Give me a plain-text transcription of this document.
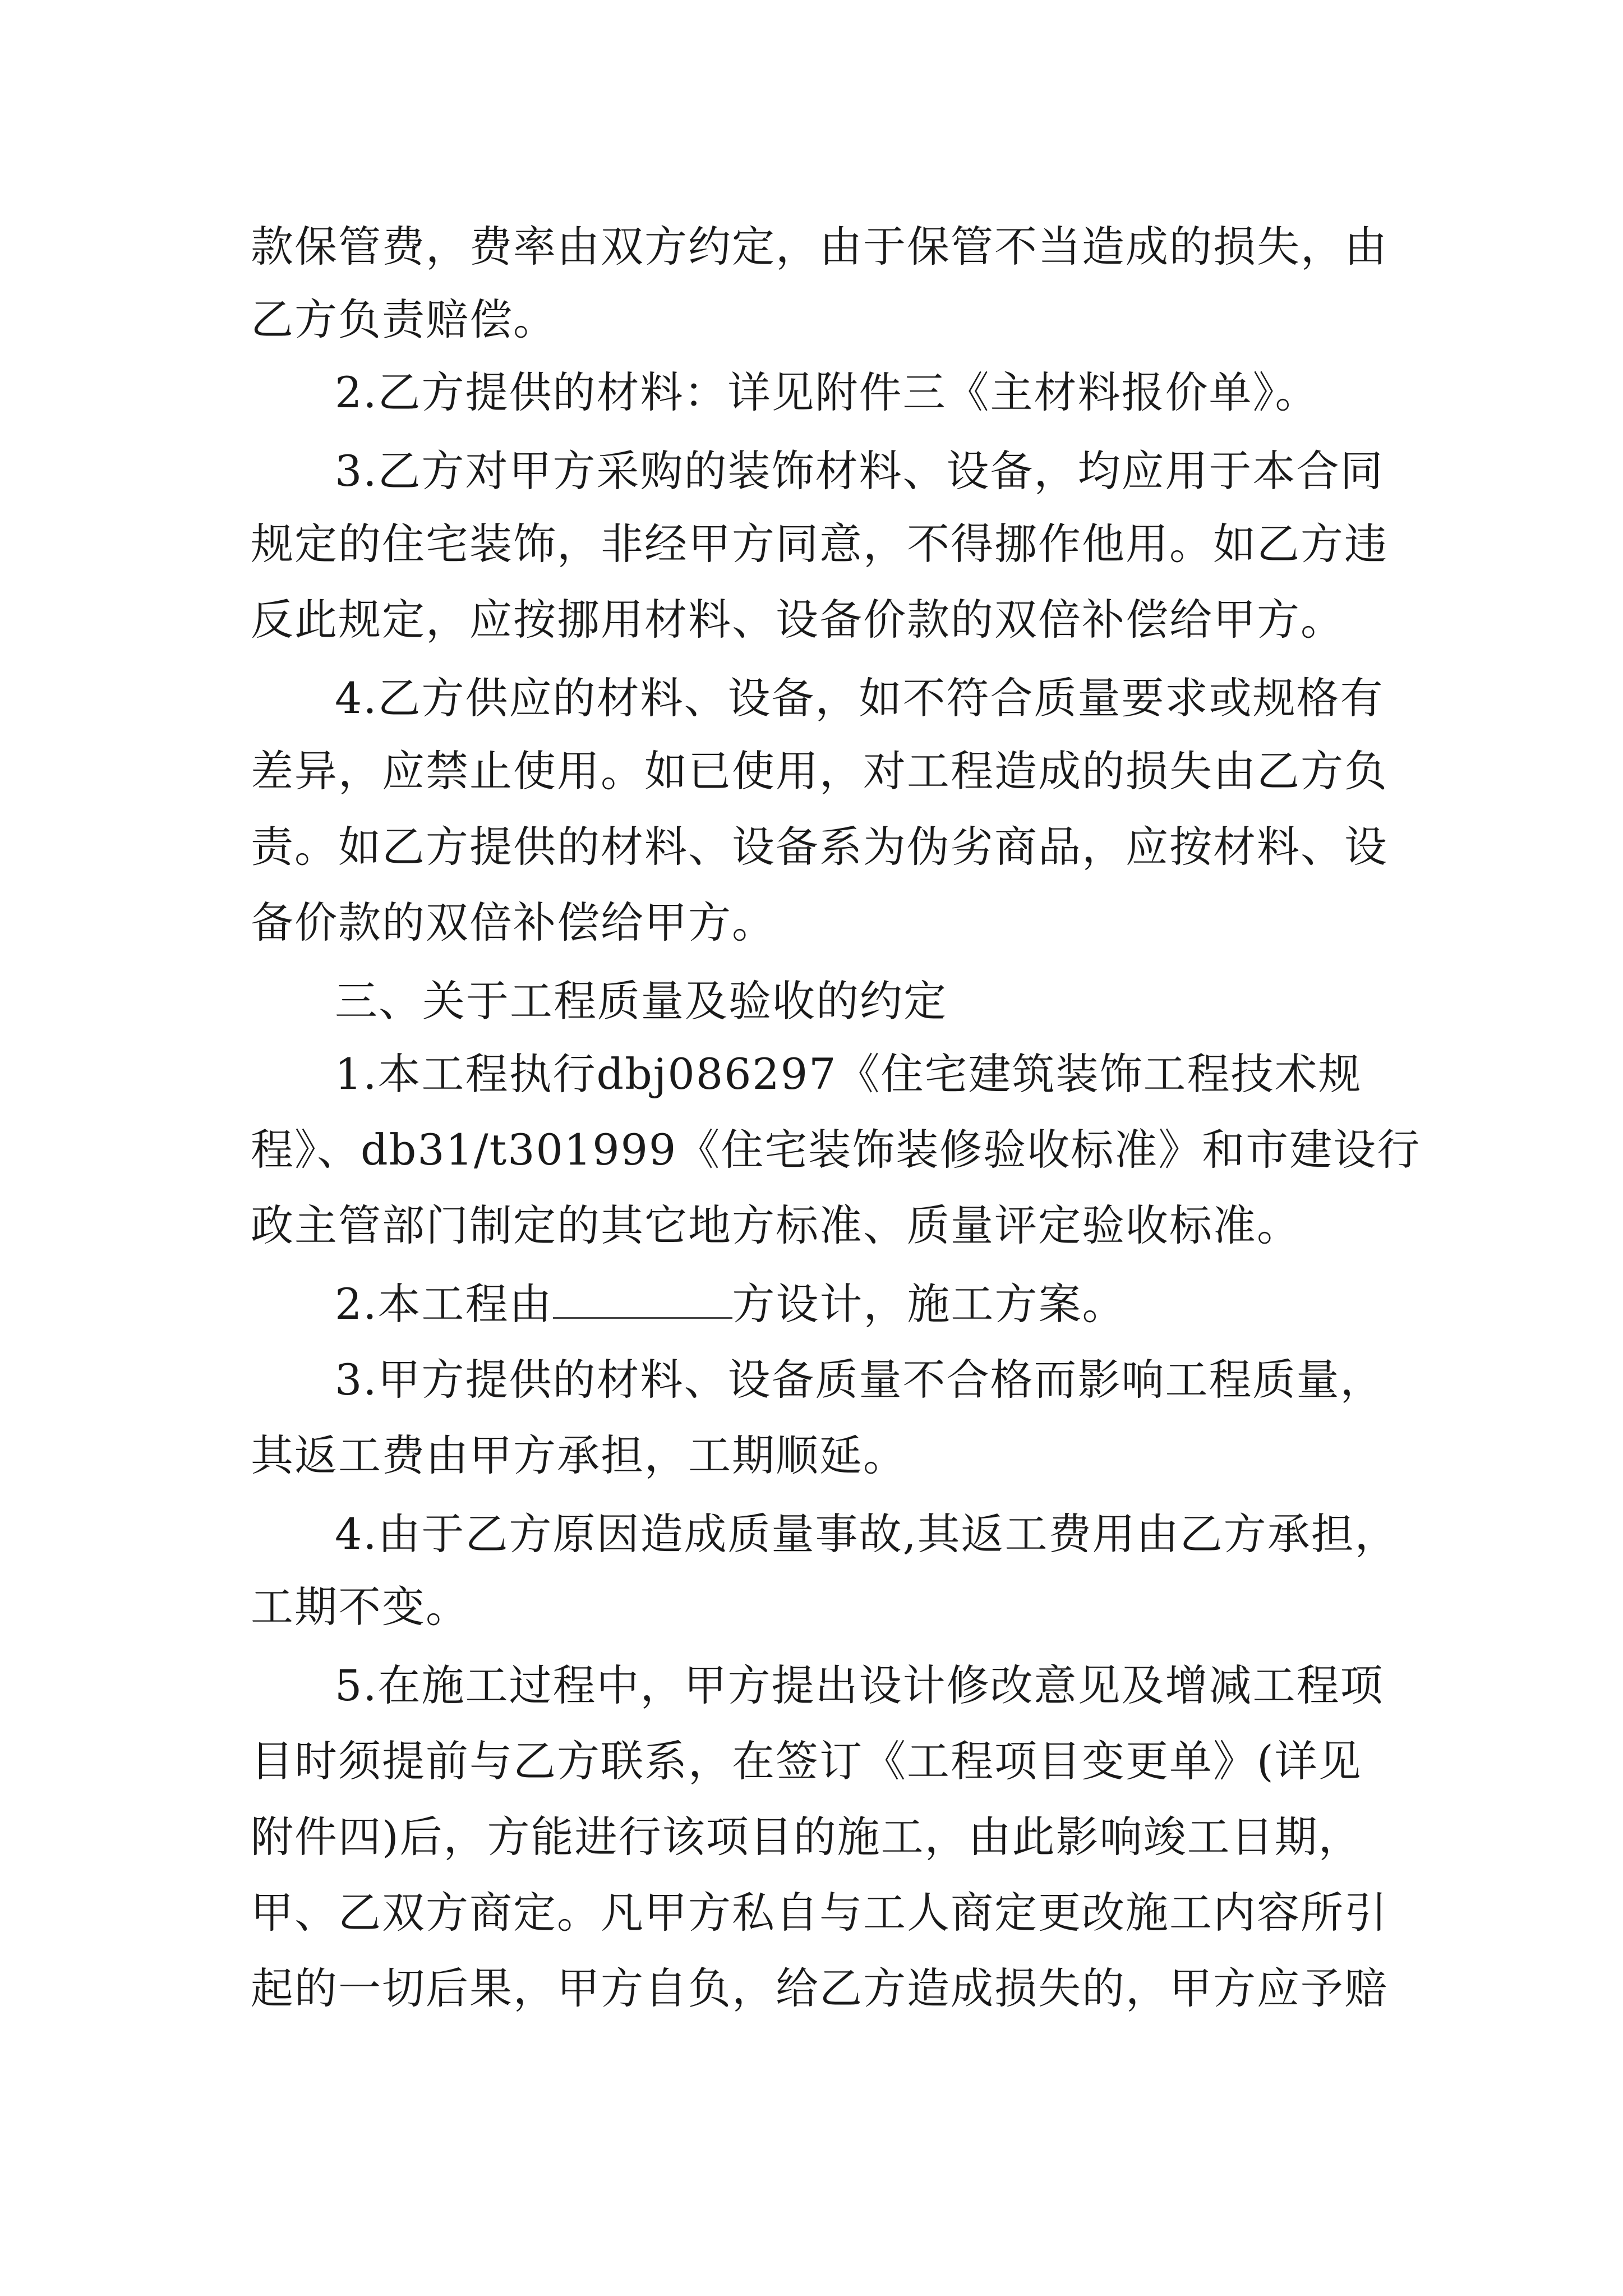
款保管费，费率由双方约定，由于保管不当造成的损失，由
乙方负责赔偿。
2.乙方提供的材料：详见附件三《主材料报价单》。
3.乙方对甲方采购的装饰材料、设备，均应用于本合同
规定的住宅装饰，非经甲方同意，不得挪作他用。如乙方违
反此规定，应按挪用材料、设备价款的双倍补偿给甲方。
4.乙方供应的材料、设备，如不符合质量要求或规格有
差异，应禁止使用。如已使用，对工程造成的损失由乙方负
责。如乙方提供的材料、设备系为伪劣商品，应按材料、设
备价款的双倍补偿给甲方。
三、关于工程质量及验收的约定
1.本工程执行dbj086297《住宅建筑装饰工程技术规
程》、db31/t301999《住宅装饰装修验收标准》和市建设行
政主管部门制定的其它地方标准、质量评定验收标准。
2.本工程由	方设计，施工方案。
3.甲方提供的材料、设备质量不合格而影响工程质量，
其返工费由甲方承担，工期顺延。
4.由于乙方原因造成质量事故,其返工费用由乙方承担，
工期不变。
5.在施工过程中，甲方提出设计修改意见及增减工程项
目时须提前与乙方联系，在签订《工程项目变更单》(详见
附件四)后，方能进行该项目的施工，由此影响竣工日期，
甲、乙双方商定。凡甲方私自与工人商定更改施工内容所引
起的一切后果，甲方自负，给乙方造成损失的，甲方应予赔
